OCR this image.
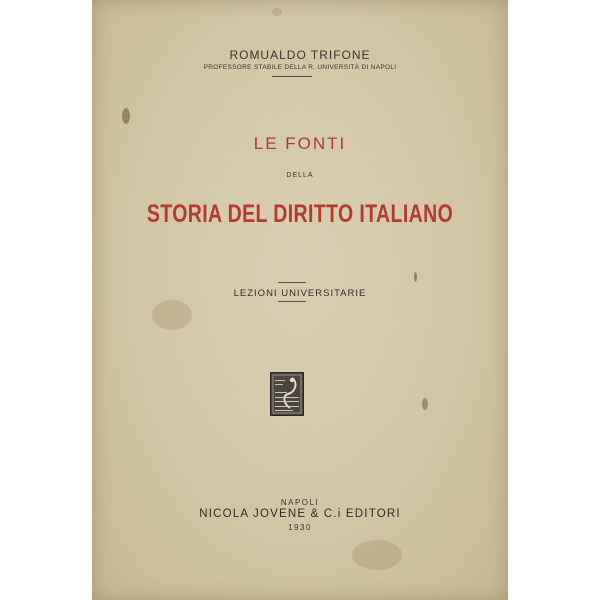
ROMUALDO TRIFONE
PROFESSORE STABILE DELLA R. UNIVERSITÀ DI NAPOLI
LE FONTI
DELLA
STORIA DEL DIRITTO ITALIANO
LEZIONI UNIVERSITARIE
NAPOLI
NICOLA JOVENE & C.i EDITORI
1930
